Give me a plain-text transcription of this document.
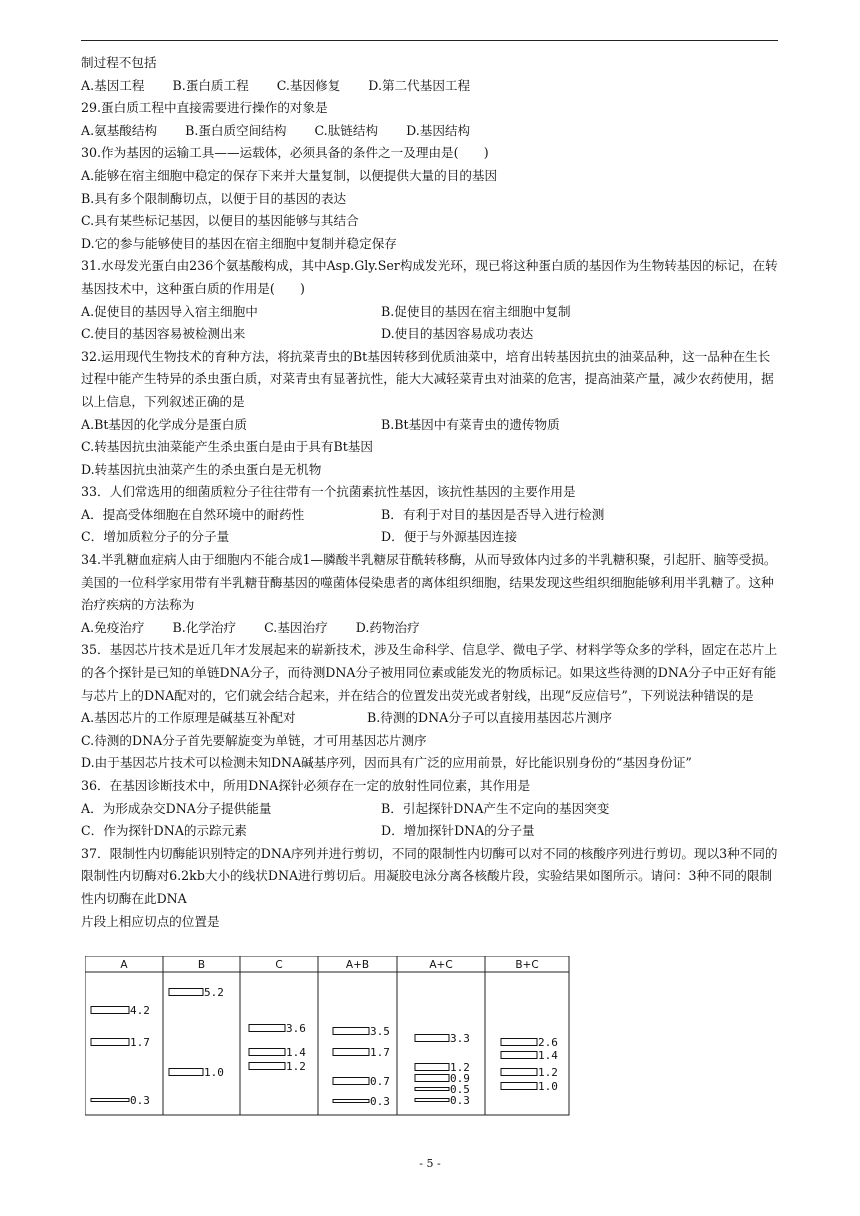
制过程不包括
A.基因工程 B.蛋白质工程 C.基因修复 D.第二代基因工程
29.蛋白质工程中直接需要进行操作的对象是
A.氨基酸结构 B.蛋白质空间结构 C.肽链结构 D.基因结构
30.作为基因的运输工具——运载体，必须具备的条件之一及理由是(　　)
A.能够在宿主细胞中稳定的保存下来并大量复制，以便提供大量的目的基因
B.具有多个限制酶切点，以便于目的基因的表达
C.具有某些标记基因，以便目的基因能够与其结合
D.它的参与能够使目的基因在宿主细胞中复制并稳定保存
31.水母发光蛋白由236个氨基酸构成，其中Asp.Gly.Ser构成发光环，现已将这种蛋白质的基因作为生物转基因的标记，在转基因技术中，这种蛋白质的作用是(　　)
A.促使目的基因导入宿主细胞中	B.促使目的基因在宿主细胞中复制
C.使目的基因容易被检测出来	D.使目的基因容易成功表达
32.运用现代生物技术的育种方法，将抗菜青虫的Bt基因转移到优质油菜中，培育出转基因抗虫的油菜品种，这一品种在生长过程中能产生特异的杀虫蛋白质，对菜青虫有显著抗性，能大大减轻菜青虫对油菜的危害，提高油菜产量，减少农药使用，据以上信息，下列叙述正确的是
A.Bt基因的化学成分是蛋白质	B.Bt基因中有菜青虫的遗传物质
C.转基因抗虫油菜能产生杀虫蛋白是由于具有Bt基因
D.转基因抗虫油菜产生的杀虫蛋白是无机物
33．人们常选用的细菌质粒分子往往带有一个抗菌素抗性基因，该抗性基因的主要作用是
A．提高受体细胞在自然环境中的耐药性	B．有利于对目的基因是否导入进行检测
C．增加质粒分子的分子量	D．便于与外源基因连接
34.半乳糖血症病人由于细胞内不能合成1—膦酸半乳糖尿苷酰转移酶，从而导致体内过多的半乳糖积聚，引起肝、脑等受损。美国的一位科学家用带有半乳糖苷酶基因的噬菌体侵染患者的离体组织细胞，结果发现这些组织细胞能够利用半乳糖了。这种治疗疾病的方法称为
A.免疫治疗 B.化学治疗 C.基因治疗 D.药物治疗
35．基因芯片技术是近几年才发展起来的崭新技术，涉及生命科学、信息学、微电子学、材料学等众多的学科，固定在芯片上的各个探针是已知的单链DNA分子，而待测DNA分子被用同位素或能发光的物质标记。如果这些待测的DNA分子中正好有能与芯片上的DNA配对的，它们就会结合起来，并在结合的位置发出荧光或者射线，出现“反应信号”，下列说法种错误的是
A.基因芯片的工作原理是碱基互补配对	B.待测的DNA分子可以直接用基因芯片测序
C.待测的DNA分子首先要解旋变为单链，才可用基因芯片测序
D.由于基因芯片技术可以检测未知DNA碱基序列，因而具有广泛的应用前景，好比能识别身份的“基因身份证”
36．在基因诊断技术中，所用DNA探针必须存在一定的放射性同位素，其作用是
A．为形成杂交DNA分子提供能量	B．引起探针DNA产生不定向的基因突变
C．作为探针DNA的示踪元素	D．增加探针DNA的分子量
37．限制性内切酶能识别特定的DNA序列并进行剪切，不同的限制性内切酶可以对不同的核酸序列进行剪切。现以3种不同的限制性内切酶对6.2kb大小的线状DNA进行剪切后。用凝胶电泳分离各核酸片段，实验结果如图所示。请问：3种不同的限制性内切酶在此DNA
片段上相应切点的位置是
A
4.2
1.7
0.3
B
5.2
1.0
C
3.6
1.4
1.2
A+B
3.5
1.7
0.7
0.3
A+C
3.3
1.2
0.9
0.5
0.3
B+C
2.6
1.4
1.2
1.0
- 5 -
